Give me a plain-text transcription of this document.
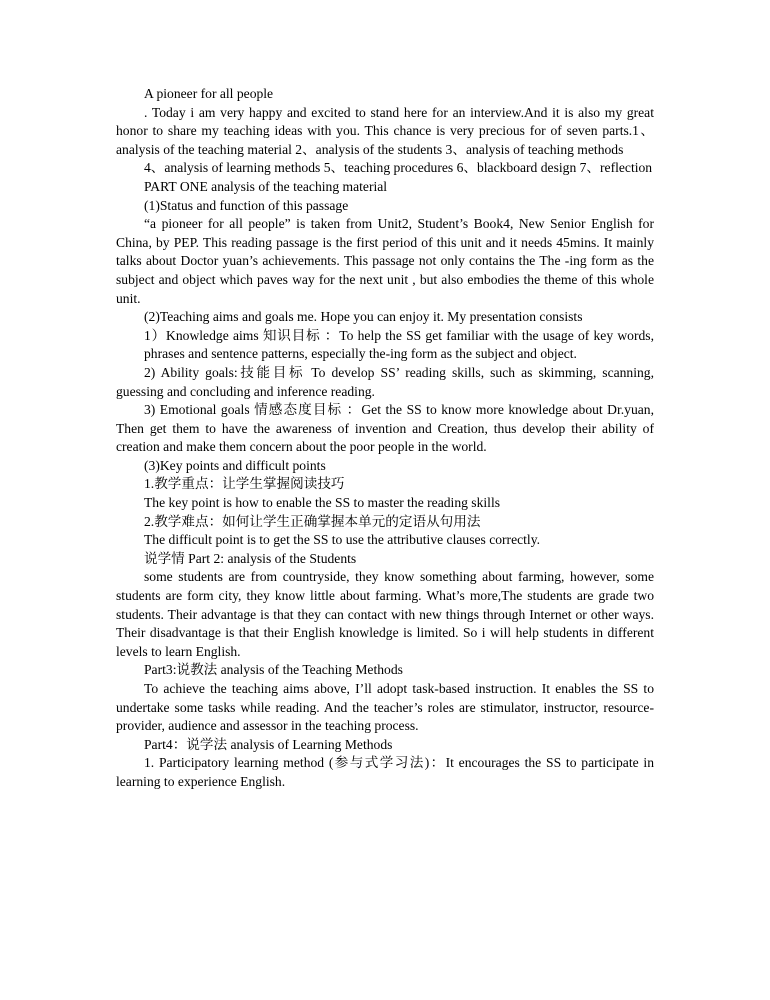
A pioneer for all people

. Today i am very happy and excited to stand here for an interview.And it is also my great honor to share my teaching ideas with you. This chance is very precious for of seven parts.1、analysis of the teaching material 2、analysis of the students 3、analysis of teaching methods

4、analysis of learning methods 5、teaching procedures 6、blackboard design 7、reflection

PART ONE analysis of the teaching material

(1)Status and function of this passage

“a pioneer for all people” is taken from Unit2, Student’s Book4, New Senior English for China, by PEP. This reading passage is the first period of this unit and it needs 45mins. It mainly talks about Doctor yuan’s achievements. This passage not only contains the The -ing form as the subject and object which paves way for the next unit , but also embodies the theme of this whole unit.

(2)Teaching aims and goals me. Hope you can enjoy it. My presentation consists

1）Knowledge aims 知识目标 ：To help the SS get familiar with the usage of key words, phrases and sentence patterns, especially the-ing form as the subject and object.

2) Ability goals:技能目标 To develop SS’ reading skills, such as skimming, scanning, guessing and concluding and inference reading.

3) Emotional goals 情感态度目标 ：Get the SS to know more knowledge about Dr.yuan, Then get them to have the awareness of invention and Creation, thus develop their ability of creation and make them concern about the poor people in the world.

(3)Key points and difficult points

1.教学重点：让学生掌握阅读技巧

The key point is how to enable the SS to master the reading skills

2.教学难点：如何让学生正确掌握本单元的定语从句用法

The difficult point is to get the SS to use the attributive clauses correctly.

说学情 Part 2: analysis of the Students

some students are from countryside, they know something about farming, however, some students are form city, they know little about farming. What’s more,The students are grade two students. Their advantage is that they can contact with new things through Internet or other ways. Their disadvantage is that their English knowledge is limited. So i will help students in different levels to learn English.

Part3:说教法 analysis of the Teaching Methods

To achieve the teaching aims above, I’ll adopt task-based instruction. It enables the SS to undertake some tasks while reading. And the teacher’s roles are stimulator, instructor, resource-provider, audience and assessor in the teaching process.

Part4：说学法 analysis of Learning Methods

1. Participatory learning method (参与式学习法)：It encourages the SS to participate in learning to experience English.
